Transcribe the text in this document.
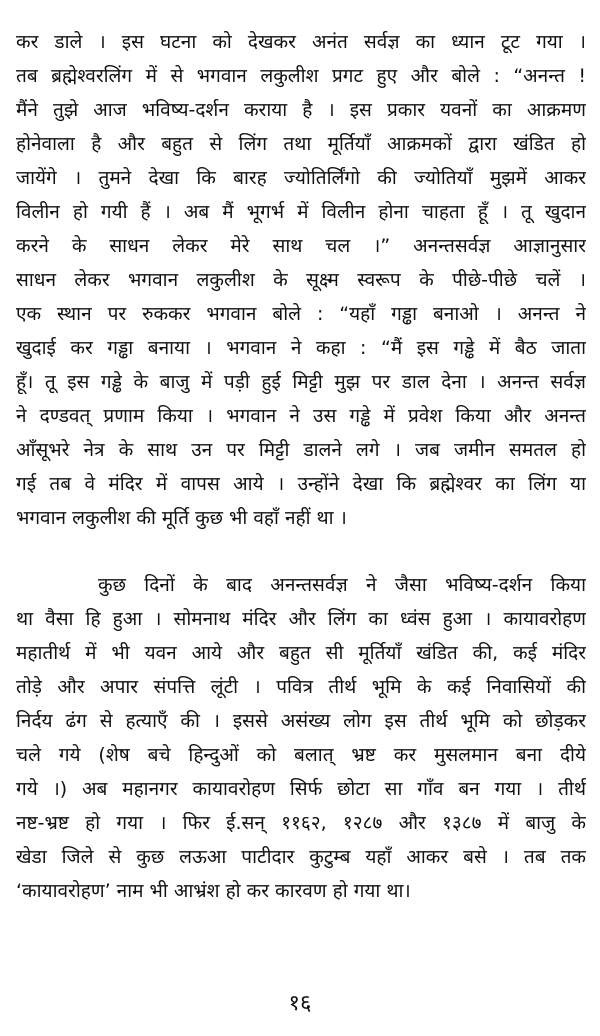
कर डाले । इस घटना को देखकर अनंत सर्वज्ञ का ध्यान टूट गया ।
तब ब्रह्मेश्वरलिंग में से भगवान लकुलीश प्रगट हुए और बोले : “अनन्त !
मैंने तुझे आज भविष्य-दर्शन कराया है । इस प्रकार यवनों का आक्रमण
होनेवाला है और बहुत से लिंग तथा मूर्तियाँ आक्रमकों द्वारा खंडित हो
जायेंगे । तुमने देखा कि बारह ज्योतिर्लिंगो की ज्योतियाँ मुझमें आकर
विलीन हो गयी हैं । अब मैं भूगर्भ में विलीन होना चाहता हूँ । तू खुदान
करने के साधन लेकर मेरे साथ चल ।” अनन्तसर्वज्ञ आज्ञानुसार
साधन लेकर भगवान लकुलीश के सूक्ष्म स्वरूप के पीछे-पीछे चलें ।
एक स्थान पर रुककर भगवान बोले : “यहाँ गड्ढा बनाओ । अनन्त ने
खुदाई कर गड्ढा बनाया । भगवान ने कहा : “मैं इस गड्ढे में बैठ जाता
हूँ। तू इस गड्ढे के बाजु में पड़ी हुई मिट्टी मुझ पर डाल देना । अनन्त सर्वज्ञ
ने दण्डवत् प्रणाम किया । भगवान ने उस गड्ढे में प्रवेश किया और अनन्त
आँसूभरे नेत्र के साथ उन पर मिट्टी डालने लगे । जब जमीन समतल हो
गई तब वे मंदिर में वापस आये । उन्होंने देखा कि ब्रह्मेश्वर का लिंग या
भगवान लकुलीश की मूर्ति कुछ भी वहाँ नहीं था ।
कुछ दिनों के बाद अनन्तसर्वज्ञ ने जैसा भविष्य-दर्शन किया
था वैसा हि हुआ । सोमनाथ मंदिर और लिंग का ध्वंस हुआ । कायावरोहण
महातीर्थ में भी यवन आये और बहुत सी मूर्तियाँ खंडित की, कई मंदिर
तोड़े और अपार संपत्ति लूंटी । पवित्र तीर्थ भूमि के कई निवासियों की
निर्दय ढंग से हत्याएँ की । इससे असंख्य लोग इस तीर्थ भूमि को छोड़कर
चले गये (शेष बचे हिन्दुओं को बलात् भ्रष्ट कर मुसलमान बना दीये
गये ।) अब महानगर कायावरोहण सिर्फ छोटा सा गाँव बन गया । तीर्थ
नष्ट-भ्रष्ट हो गया । फिर ई.सन् ११६२, १२८७ और १३८७ में बाजु के
खेडा जिले से कुछ लऊआ पाटीदार कुटुम्ब यहाँ आकर बसे । तब तक
‘कायावरोहण’ नाम भी आभ्रंश हो कर कारवण हो गया था।
१६
